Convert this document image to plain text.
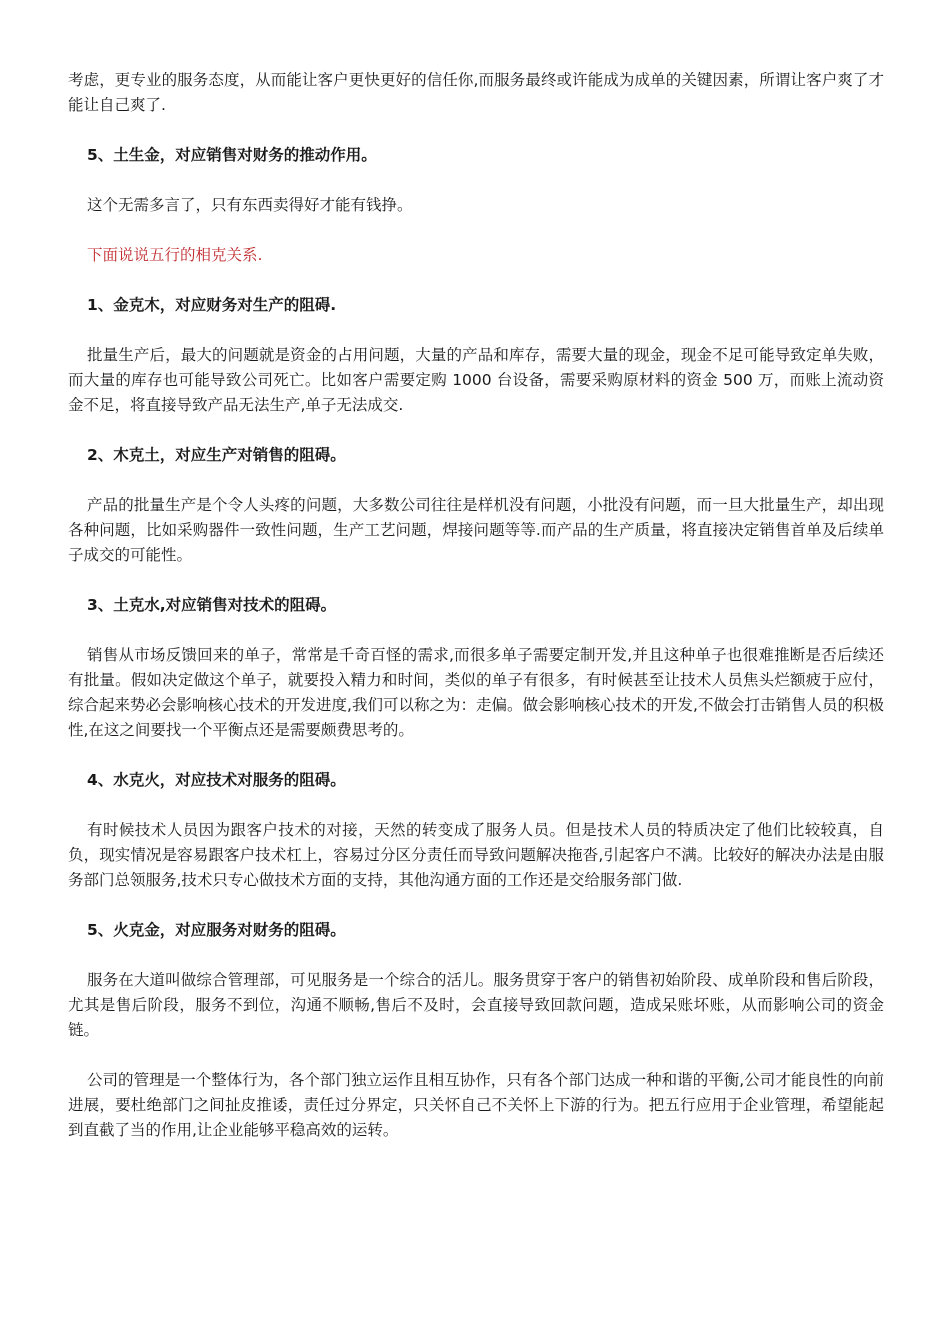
考虑，更专业的服务态度，从而能让客户更快更好的信任你,而服务最终或许能成为成单的关键因素，所谓让客户爽了才能让自己爽了.

5、土生金，对应销售对财务的推动作用。

这个无需多言了，只有东西卖得好才能有钱挣。

下面说说五行的相克关系.

1、金克木，对应财务对生产的阻碍.

批量生产后，最大的问题就是资金的占用问题，大量的产品和库存，需要大量的现金，现金不足可能导致定单失败，而大量的库存也可能导致公司死亡。比如客户需要定购 1000 台设备，需要采购原材料的资金 500 万，而账上流动资金不足，将直接导致产品无法生产,单子无法成交.

2、木克土，对应生产对销售的阻碍。

产品的批量生产是个令人头疼的问题，大多数公司往往是样机没有问题，小批没有问题，而一旦大批量生产，却出现各种问题，比如采购器件一致性问题，生产工艺问题，焊接问题等等.而产品的生产质量，将直接决定销售首单及后续单子成交的可能性。

3、土克水,对应销售对技术的阻碍。

销售从市场反馈回来的单子，常常是千奇百怪的需求,而很多单子需要定制开发,并且这种单子也很难推断是否后续还有批量。假如决定做这个单子，就要投入精力和时间，类似的单子有很多，有时候甚至让技术人员焦头烂额疲于应付，综合起来势必会影响核心技术的开发进度,我们可以称之为：走偏。做会影响核心技术的开发,不做会打击销售人员的积极性,在这之间要找一个平衡点还是需要颇费思考的。

4、水克火，对应技术对服务的阻碍。

有时候技术人员因为跟客户技术的对接，天然的转变成了服务人员。但是技术人员的特质决定了他们比较较真，自负，现实情况是容易跟客户技术杠上，容易过分区分责任而导致问题解决拖沓,引起客户不满。比较好的解决办法是由服务部门总领服务,技术只专心做技术方面的支持，其他沟通方面的工作还是交给服务部门做.

5、火克金，对应服务对财务的阻碍。

服务在大道叫做综合管理部，可见服务是一个综合的活儿。服务贯穿于客户的销售初始阶段、成单阶段和售后阶段，尤其是售后阶段，服务不到位，沟通不顺畅,售后不及时，会直接导致回款问题，造成呆账坏账，从而影响公司的资金链。

公司的管理是一个整体行为，各个部门独立运作且相互协作，只有各个部门达成一种和谐的平衡,公司才能良性的向前进展，要杜绝部门之间扯皮推诿，责任过分界定，只关怀自己不关怀上下游的行为。把五行应用于企业管理，希望能起到直截了当的作用,让企业能够平稳高效的运转。
